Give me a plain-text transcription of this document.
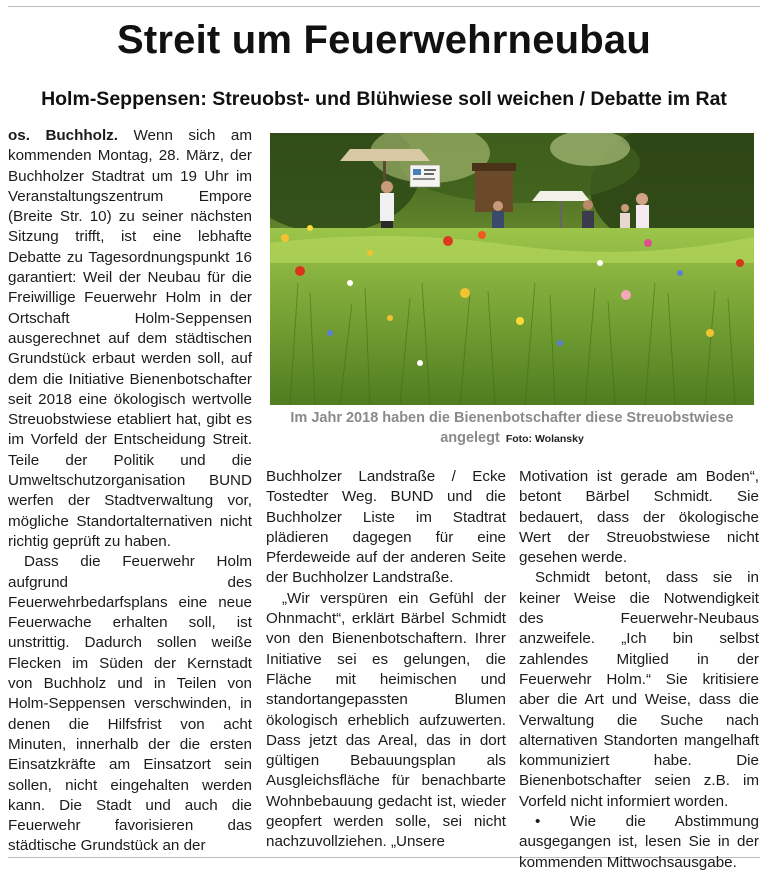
Streit um Feuerwehrneubau
Holm-Seppensen: Streuobst- und Blühwiese soll weichen / Debatte im Rat

os. Buchholz. Wenn sich am kommenden Montag, 28. März, der Buchholzer Stadtrat um 19 Uhr im Veranstaltungszentrum Empore (Breite Str. 10) zu seiner nächsten Sitzung trifft, ist eine lebhafte Debatte zu Tagesordnungspunkt 16 garantiert: Weil der Neubau für die Freiwillige Feuerwehr Holm in der Ortschaft Holm-Seppensen ausgerechnet auf dem städtischen Grundstück erbaut werden soll, auf dem die Initiative Bienenbotschafter seit 2018 eine ökologisch wertvolle Streuobstwiese etabliert hat, gibt es im Vorfeld der Entscheidung Streit. Teile der Politik und die Umweltschutzorganisation BUND werfen der Stadtverwaltung vor, mögliche Standortalternativen nicht richtig geprüft zu haben.

Dass die Feuerwehr Holm aufgrund des Feuerwehrbedarfsplans eine neue Feuerwache erhalten soll, ist unstrittig. Dadurch sollen weiße Flecken im Süden der Kernstadt von Buchholz und in Teilen von Holm-Seppensen verschwinden, in denen die Hilfsfrist von acht Minuten, innerhalb der die ersten Einsatzkräfte am Einsatzort sein sollen, nicht eingehalten werden kann. Die Stadt und auch die Feuerwehr favorisieren das städtische Grundstück an der

Im Jahr 2018 haben die Bienenbotschafter diese Streuobstwiese angelegt Foto: Wolansky

Buchholzer Landstraße / Ecke Tostedter Weg. BUND und die Buchholzer Liste im Stadtrat plädieren dagegen für eine Pferdeweide auf der anderen Seite der Buchholzer Landstraße.

„Wir verspüren ein Gefühl der Ohnmacht“, erklärt Bärbel Schmidt von den Bienenbotschaftern. Ihrer Initiative sei es gelungen, die Fläche mit heimischen und standortangepassten Blumen ökologisch erheblich aufzuwerten. Dass jetzt das Areal, das in dort gültigen Bebauungsplan als Ausgleichsfläche für benachbarte Wohnbebauung gedacht ist, wieder geopfert werden solle, sei nicht nachzuvollziehen. „Unsere

Motivation ist gerade am Boden“, betont Bärbel Schmidt. Sie bedauert, dass der ökologische Wert der Streuobstwiese nicht gesehen werde.

Schmidt betont, dass sie in keiner Weise die Notwendigkeit des Feuerwehr-Neubaus anzweifele. „Ich bin selbst zahlendes Mitglied in der Feuerwehr Holm.“ Sie kritisiere aber die Art und Weise, dass die Verwaltung die Suche nach alternativen Standorten mangelhaft kommuniziert habe. Die Bienenbotschafter seien z.B. im Vorfeld nicht informiert worden.

• Wie die Abstimmung ausgegangen ist, lesen Sie in der kommenden Mittwochsausgabe.
